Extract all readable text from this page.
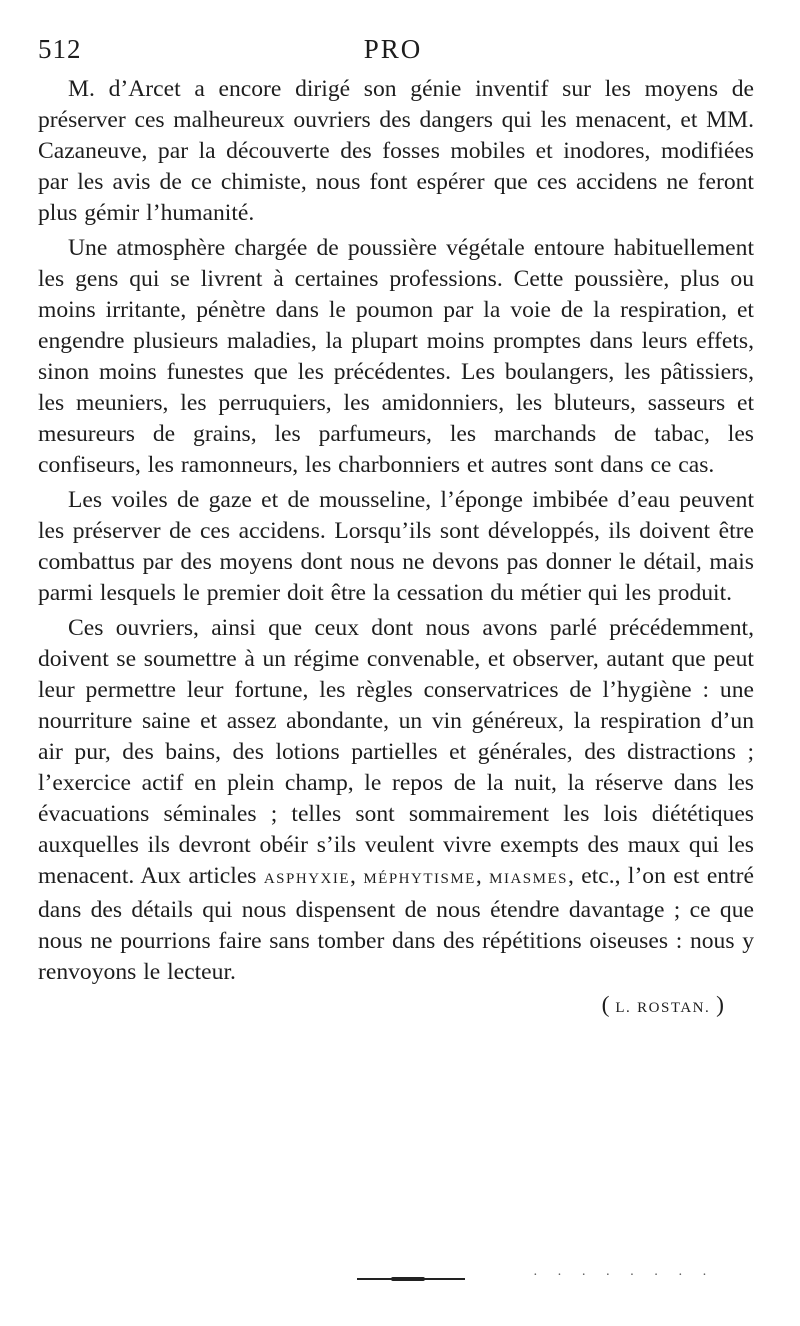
512	PRO

M. d’Arcet a encore dirigé son génie inventif sur les moyens de préserver ces malheureux ouvriers des dangers qui les menacent, et MM. Cazaneuve, par la découverte des fosses mobiles et inodores, modifiées par les avis de ce chimiste, nous font espérer que ces accidens ne feront plus gémir l’humanité.

Une atmosphère chargée de poussière végétale entoure habituellement les gens qui se livrent à certaines professions. Cette poussière, plus ou moins irritante, pénètre dans le poumon par la voie de la respiration, et engendre plusieurs maladies, la plupart moins promptes dans leurs effets, sinon moins funestes que les précédentes. Les boulangers, les pâtissiers, les meuniers, les perruquiers, les amidonniers, les bluteurs, sasseurs et mesureurs de grains, les parfumeurs, les marchands de tabac, les confiseurs, les ramonneurs, les charbonniers et autres sont dans ce cas.

Les voiles de gaze et de mousseline, l’éponge imbibée d’eau peuvent les préserver de ces accidens. Lorsqu’ils sont développés, ils doivent être combattus par des moyens dont nous ne devons pas donner le détail, mais parmi lesquels le premier doit être la cessation du métier qui les produit.

Ces ouvriers, ainsi que ceux dont nous avons parlé précédemment, doivent se soumettre à un régime convenable, et observer, autant que peut leur permettre leur fortune, les règles conservatrices de l’hygiène : une nourriture saine et assez abondante, un vin généreux, la respiration d’un air pur, des bains, des lotions partielles et générales, des distractions ; l’exercice actif en plein champ, le repos de la nuit, la réserve dans les évacuations séminales ; telles sont sommairement les lois diététiques auxquelles ils devront obéir s’ils veulent vivre exempts des maux qui les menacent. Aux articles ASPHYXIE, MÉPHYTISME, MIASMES, etc., l’on est entré dans des détails qui nous dispensent de nous étendre davantage ; ce que nous ne pourrions faire sans tomber dans des répétitions oiseuses : nous y renvoyons le lecteur.

( L. ROSTAN. )
· · · · · · · ·
